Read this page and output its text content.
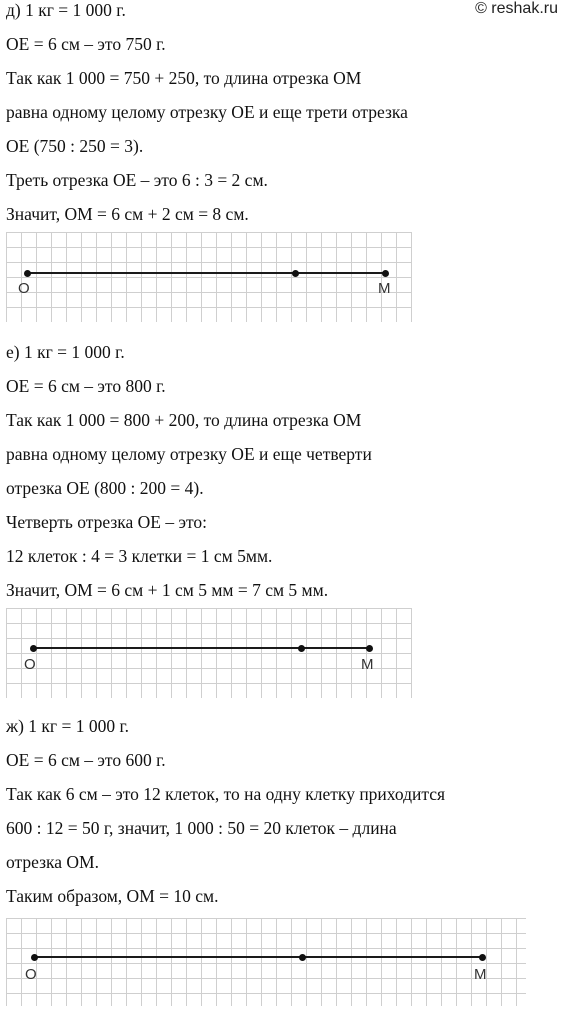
© reshak.ru
д) 1 кг = 1 000 г.
OE = 6 см – это 750 г.
Так как 1 000 = 750 + 250, то длина отрезка OM
равна одному целому отрезку OE и еще трети отрезка
OE (750 : 250 = 3).
Треть отрезка OE – это 6 : 3 = 2 см.
Значит, OM = 6 см + 2 см = 8 см.
O	M
е) 1 кг = 1 000 г.
OE = 6 см – это 800 г.
Так как 1 000 = 800 + 200, то длина отрезка OM
равна одному целому отрезку OE и еще четверти
отрезка OE (800 : 200 = 4).
Четверть отрезка OE – это:
12 клеток : 4 = 3 клетки = 1 см 5мм.
Значит, OM = 6 см + 1 см 5 мм = 7 см 5 мм.
O	M
ж) 1 кг = 1 000 г.
OE = 6 см – это 600 г.
Так как 6 см – это 12 клеток, то на одну клетку приходится
600 : 12 = 50 г, значит, 1 000 : 50 = 20 клеток – длина
отрезка OM.
Таким образом, OM = 10 см.
O	M
